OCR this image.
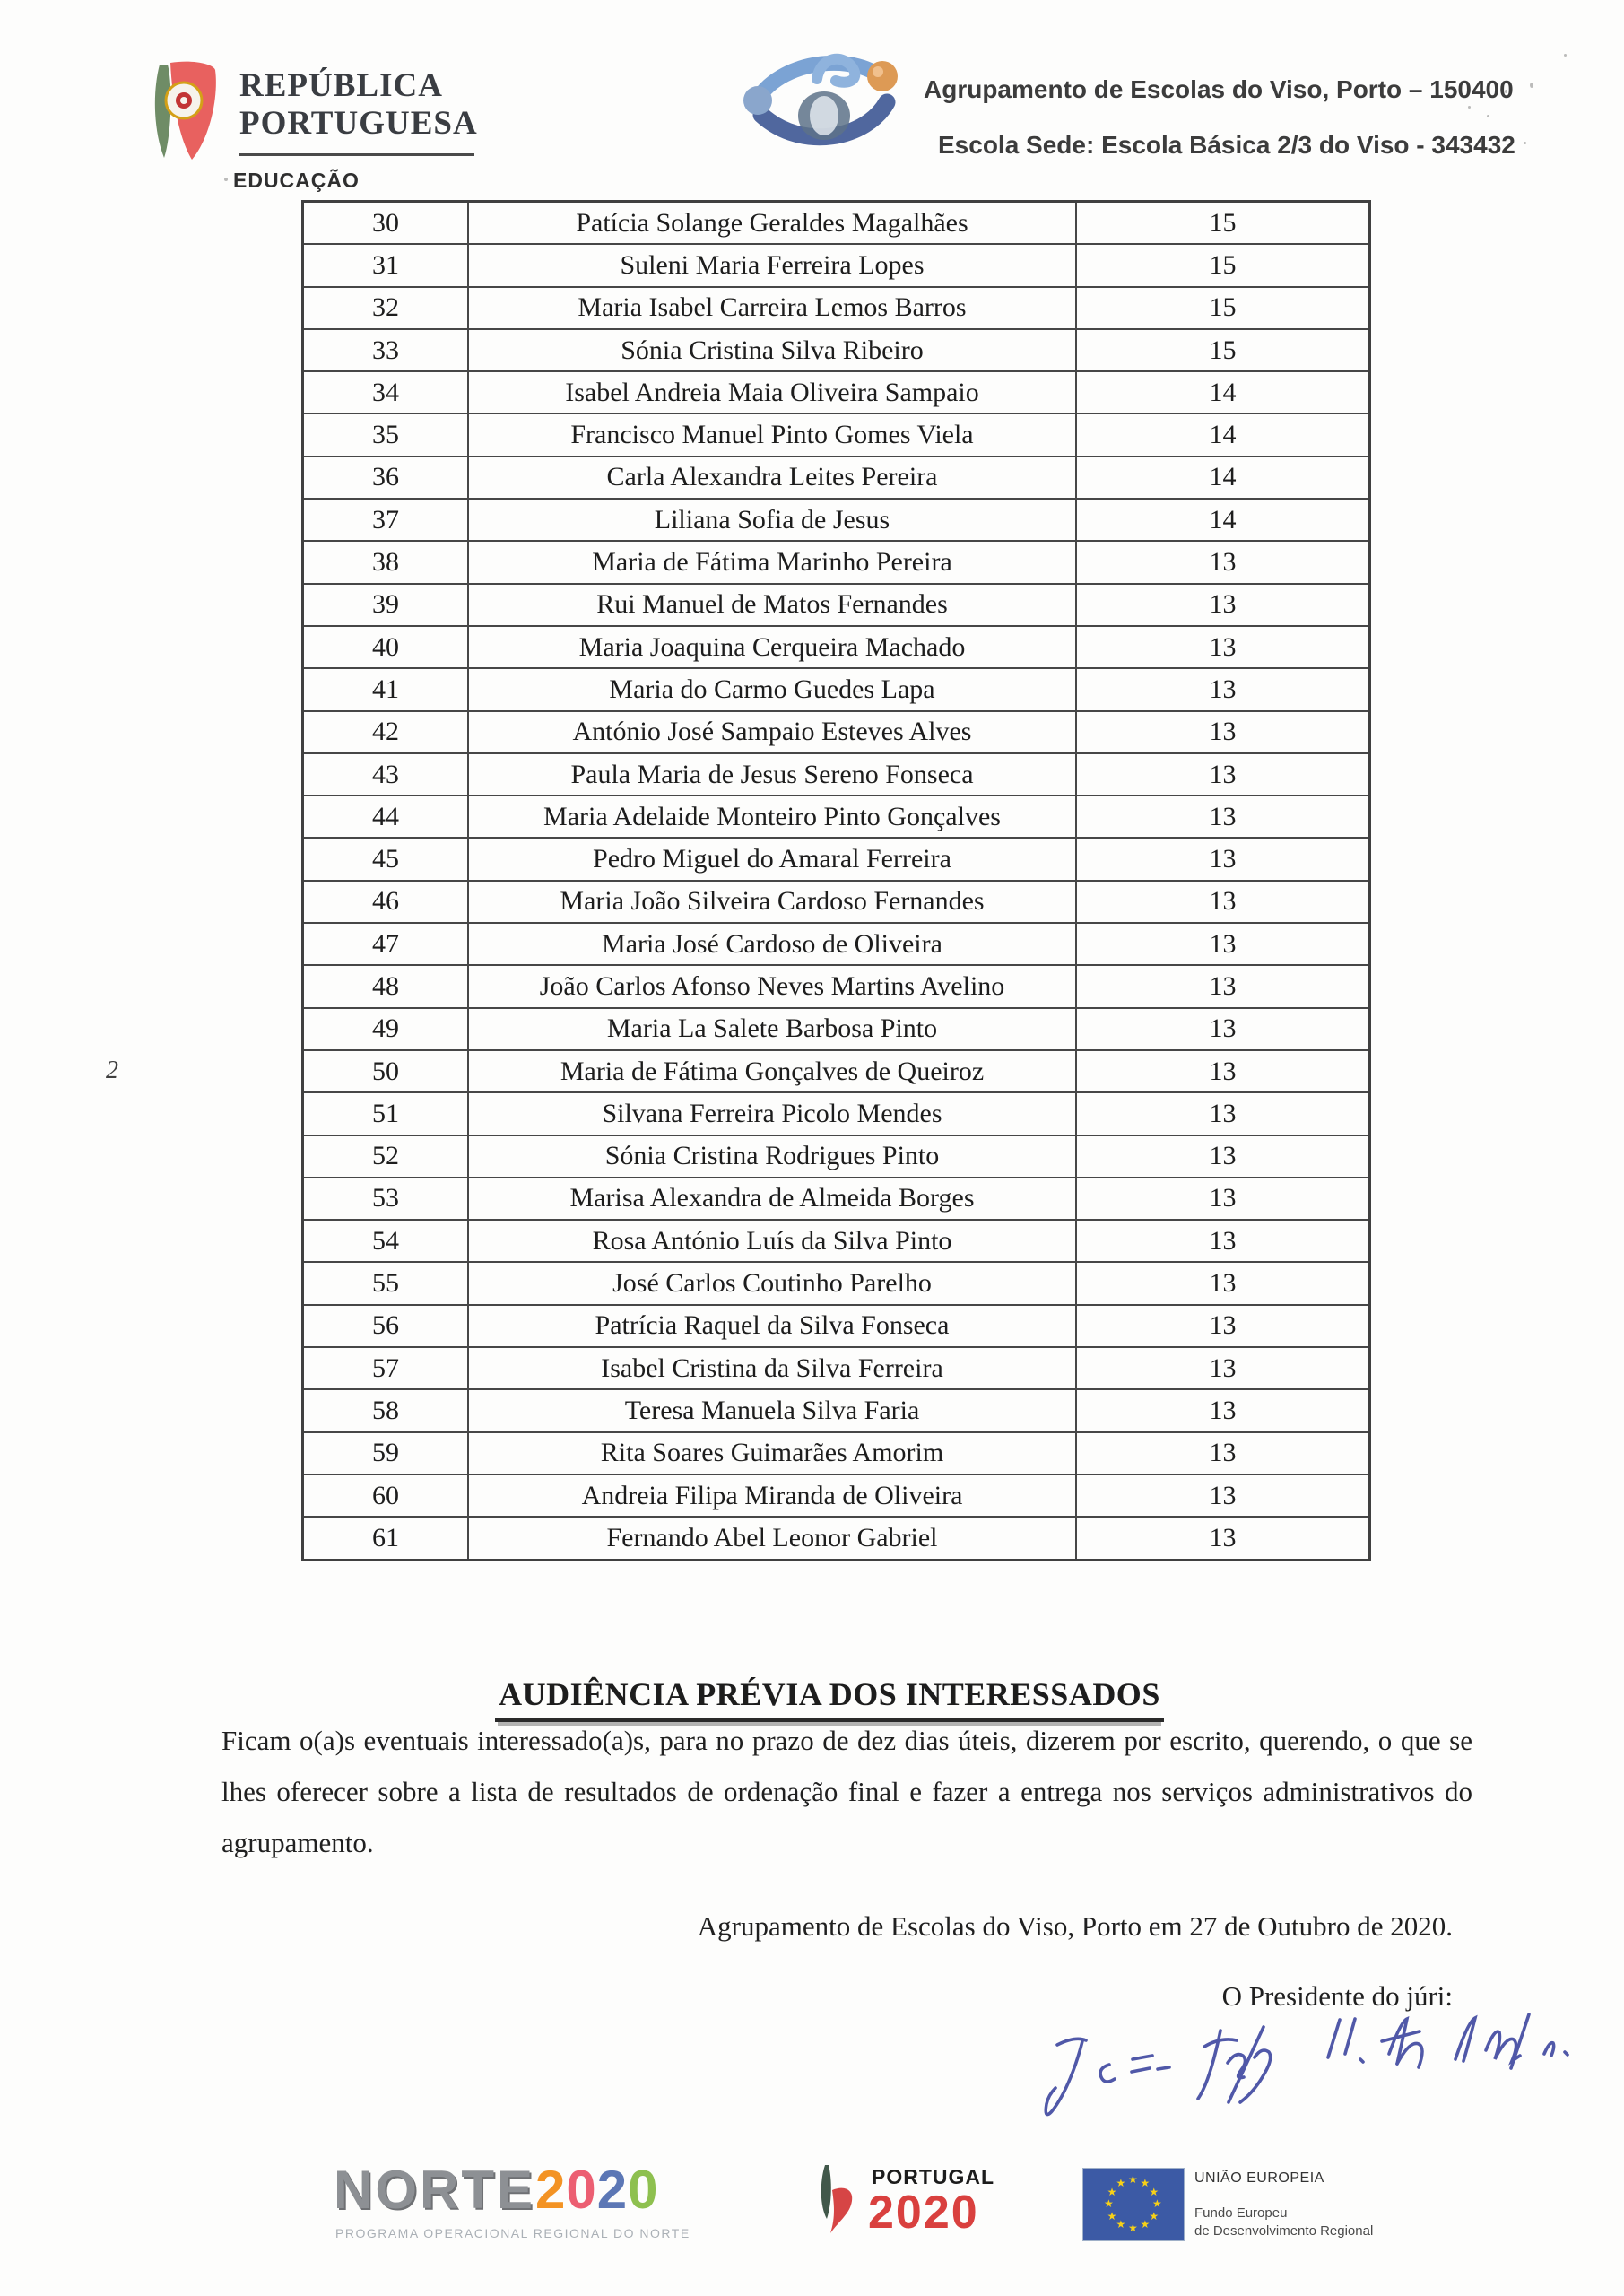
REPÚBLICA
PORTUGUESA
EDUCAÇÃO
Agrupamento de Escolas do Viso, Porto – 150400
Escola Sede: Escola Básica 2/3 do Viso - 343432
2
30	Patícia Solange Geraldes Magalhães	15
31	Suleni Maria Ferreira Lopes	15
32	Maria Isabel Carreira Lemos Barros	15
33	Sónia Cristina Silva Ribeiro	15
34	Isabel Andreia Maia Oliveira Sampaio	14
35	Francisco Manuel Pinto Gomes Viela	14
36	Carla Alexandra Leites Pereira	14
37	Liliana Sofia de Jesus	14
38	Maria de Fátima Marinho Pereira	13
39	Rui Manuel de Matos Fernandes	13
40	Maria Joaquina Cerqueira Machado	13
41	Maria do Carmo Guedes Lapa	13
42	António José Sampaio Esteves Alves	13
43	Paula Maria de Jesus Sereno Fonseca	13
44	Maria Adelaide Monteiro Pinto Gonçalves	13
45	Pedro Miguel do Amaral Ferreira	13
46	Maria João Silveira Cardoso Fernandes	13
47	Maria José Cardoso de Oliveira	13
48	João Carlos Afonso Neves Martins Avelino	13
49	Maria La Salete Barbosa Pinto	13
50	Maria de Fátima Gonçalves de Queiroz	13
51	Silvana Ferreira Picolo Mendes	13
52	Sónia Cristina Rodrigues Pinto	13
53	Marisa Alexandra de Almeida Borges	13
54	Rosa António Luís da Silva Pinto	13
55	José Carlos Coutinho Parelho	13
56	Patrícia Raquel da Silva Fonseca	13
57	Isabel Cristina da Silva Ferreira	13
58	Teresa Manuela Silva Faria	13
59	Rita Soares Guimarães Amorim	13
60	Andreia Filipa Miranda de Oliveira	13
61	Fernando Abel Leonor Gabriel	13
AUDIÊNCIA PRÉVIA DOS INTERESSADOS
Ficam o(a)s eventuais interessado(a)s, para no prazo de dez dias úteis, dizerem por escrito, querendo, o que se lhes oferecer sobre a lista de resultados de ordenação final e fazer a entrega nos serviços administrativos do agrupamento.
Agrupamento de Escolas do Viso, Porto em 27 de Outubro de 2020.
O Presidente do júri:
NORTE2020
PROGRAMA OPERACIONAL REGIONAL DO NORTE
PORTUGAL
2020
★ ★
★
★
★
★
★
★
★
★
★
★	UNIÃO EUROPEIA
Fundo Europeu
de Desenvolvimento Regional
